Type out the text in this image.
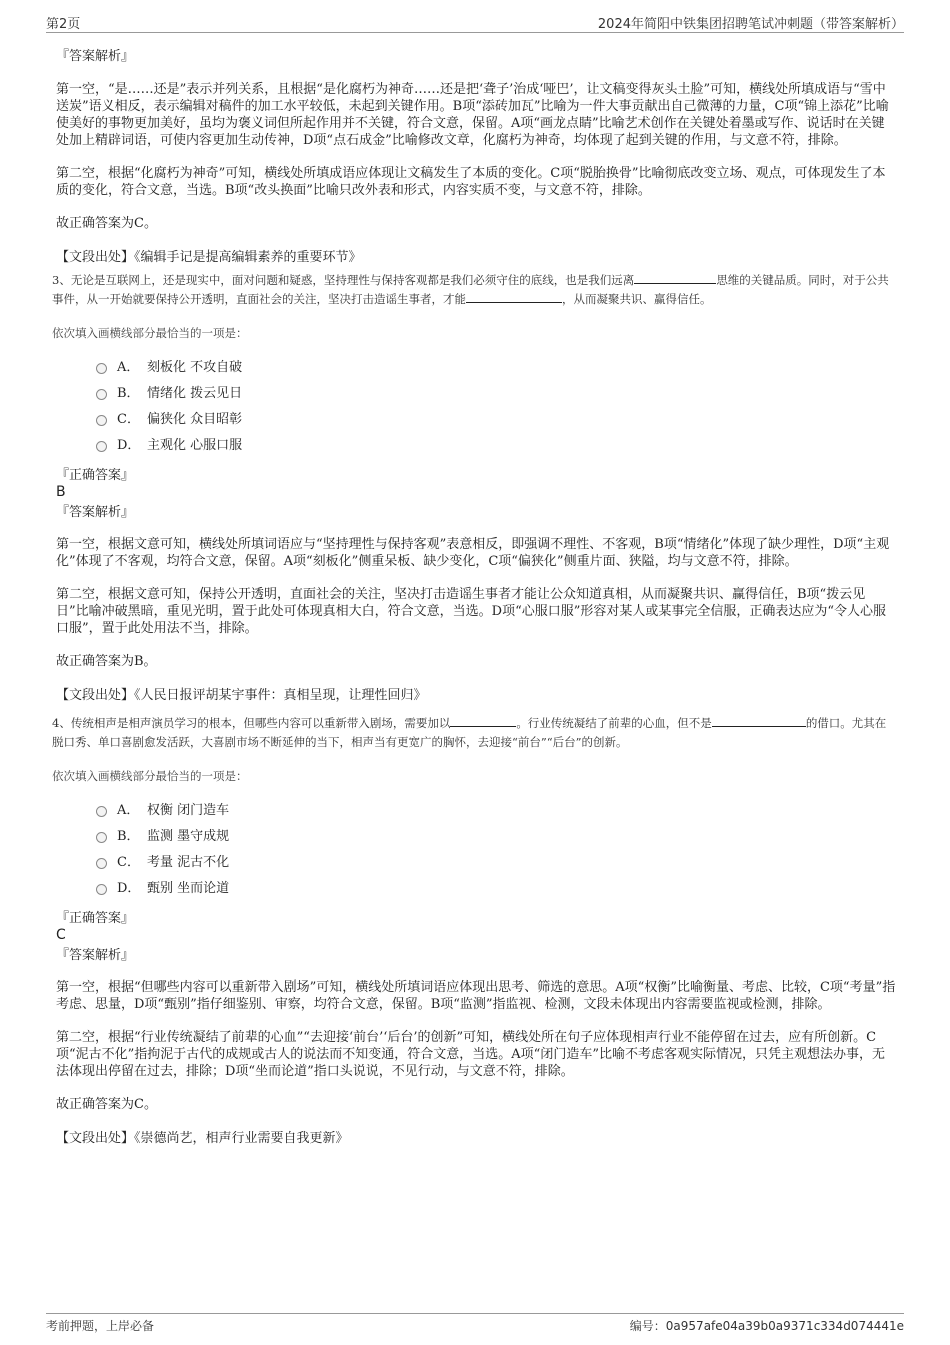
第2页	2024年简阳中铁集团招聘笔试冲刺题（带答案解析）

『答案解析』

第一空，“是……还是”表示并列关系，且根据“是化腐朽为神奇……还是把‘聋子’治成‘哑巴’，让文稿变得灰头土脸”可知，横线处所填成语与“雪中送炭”语义相反，表示编辑对稿件的加工水平较低，未起到关键作用。B项“添砖加瓦”比喻为一件大事贡献出自己微薄的力量，C项“锦上添花”比喻使美好的事物更加美好，虽均为褒义词但所起作用并不关键，符合文意，保留。A项“画龙点睛”比喻艺术创作在关键处着墨或写作、说话时在关键处加上精辟词语，可使内容更加生动传神，D项“点石成金”比喻修改文章，化腐朽为神奇，均体现了起到关键的作用，与文意不符，排除。

第二空，根据“化腐朽为神奇”可知，横线处所填成语应体现让文稿发生了本质的变化。C项“脱胎换骨”比喻彻底改变立场、观点，可体现发生了本质的变化，符合文意，当选。B项“改头换面”比喻只改外表和形式，内容实质不变，与文意不符，排除。

故正确答案为C。

【文段出处】《编辑手记是提高编辑素养的重要环节》

3、无论是互联网上，还是现实中，面对问题和疑惑，坚持理性与保持客观都是我们必须守住的底线，也是我们远离	思维的关键品质。同时，对于公共事件，从一开始就要保持公开透明，直面社会的关注，坚决打击造谣生事者，才能	，从而凝聚共识、赢得信任。

依次填入画横线部分最恰当的一项是：

A． 刻板化 不攻自破
B． 情绪化 拨云见日
C． 偏狭化 众目昭彰
D． 主观化 心服口服

『正确答案』

B

『答案解析』

第一空，根据文意可知，横线处所填词语应与“坚持理性与保持客观”表意相反，即强调不理性、不客观，B项“情绪化”体现了缺少理性，D项“主观化”体现了不客观，均符合文意，保留。A项“刻板化”侧重呆板、缺少变化，C项“偏狭化”侧重片面、狭隘，均与文意不符，排除。

第二空，根据文意可知，保持公开透明，直面社会的关注，坚决打击造谣生事者才能让公众知道真相，从而凝聚共识、赢得信任，B项“拨云见日”比喻冲破黑暗，重见光明，置于此处可体现真相大白，符合文意，当选。D项“心服口服”形容对某人或某事完全信服，正确表达应为“令人心服口服”，置于此处用法不当，排除。

故正确答案为B。

【文段出处】《人民日报评胡某宇事件：真相呈现，让理性回归》

4、传统相声是相声演员学习的根本，但哪些内容可以重新带入剧场，需要加以	。行业传统凝结了前辈的心血，但不是	的借口。尤其在脱口秀、单口喜剧愈发活跃，大喜剧市场不断延伸的当下，相声当有更宽广的胸怀，去迎接“前台”“后台”的创新。

依次填入画横线部分最恰当的一项是：

A． 权衡 闭门造车
B． 监测 墨守成规
C． 考量 泥古不化
D． 甄别 坐而论道

『正确答案』

C

『答案解析』

第一空，根据“但哪些内容可以重新带入剧场”可知，横线处所填词语应体现出思考、筛选的意思。A项“权衡”比喻衡量、考虑、比较，C项“考量”指考虑、思量，D项“甄别”指仔细鉴别、审察，均符合文意，保留。B项“监测”指监视、检测，文段未体现出内容需要监视或检测，排除。

第二空，根据“行业传统凝结了前辈的心血”“去迎接‘前台’‘后台’的创新”可知，横线处所在句子应体现相声行业不能停留在过去，应有所创新。C项“泥古不化”指拘泥于古代的成规或古人的说法而不知变通，符合文意，当选。A项“闭门造车”比喻不考虑客观实际情况，只凭主观想法办事，无法体现出停留在过去，排除；D项“坐而论道”指口头说说，不见行动，与文意不符，排除。

故正确答案为C。

【文段出处】《崇德尚艺，相声行业需要自我更新》

考前押题，上岸必备	编号：0a957afe04a39b0a9371c334d074441e
